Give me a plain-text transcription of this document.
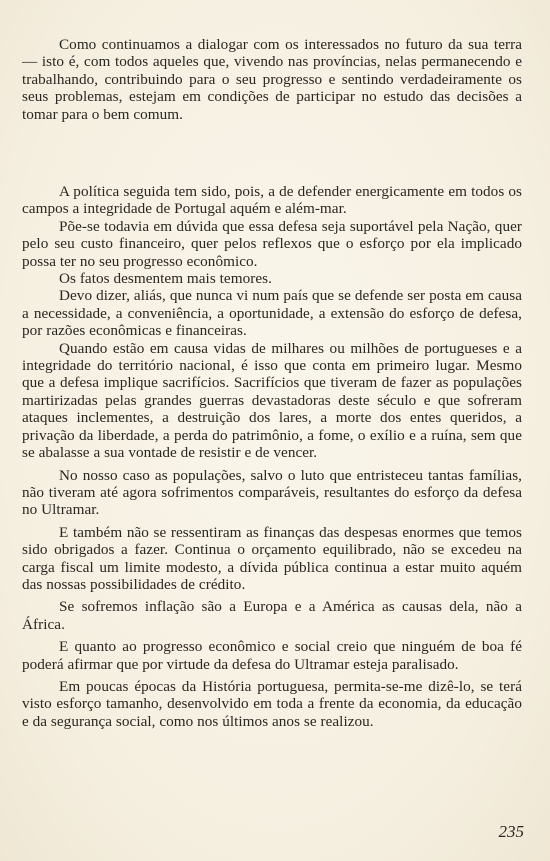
Como continuamos a dialogar com os interessados no futuro da sua terra — isto é, com todos aqueles que, vivendo nas províncias, nelas permanecendo e trabalhando, contribuindo para o seu progresso e sentindo verdadeiramente os seus problemas, estejam em condições de participar no estudo das decisões a tomar para o bem comum.

A política seguida tem sido, pois, a de defender energicamente em todos os campos a integridade de Portugal aquém e além-mar.

Põe-se todavia em dúvida que essa defesa seja suportável pela Nação, quer pelo seu custo financeiro, quer pelos reflexos que o esforço por ela implicado possa ter no seu progresso econômico.

Os fatos desmentem mais temores.

Devo dizer, aliás, que nunca vi num país que se defende ser posta em causa a necessidade, a conveniência, a oportunidade, a extensão do esforço de defesa, por razões econômicas e financeiras.

Quando estão em causa vidas de milhares ou milhões de portugueses e a integridade do território nacional, é isso que conta em primeiro lugar. Mesmo que a defesa implique sacrifícios. Sacrifícios que tiveram de fazer as populações martirizadas pelas grandes guerras devastadoras deste século e que sofreram ataques inclementes, a destruição dos lares, a morte dos entes queridos, a privação da liberdade, a perda do patrimônio, a fome, o exílio e a ruína, sem que se abalasse a sua vontade de resistir e de vencer.

No nosso caso as populações, salvo o luto que entristeceu tantas famílias, não tiveram até agora sofrimentos comparáveis, resultantes do esforço da defesa no Ultramar.

E também não se ressentiram as finanças das despesas enormes que temos sido obrigados a fazer. Continua o orçamento equilibrado, não se excedeu na carga fiscal um limite modesto, a dívida pública continua a estar muito aquém das nossas possibilidades de crédito.

Se sofremos inflação são a Europa e a América as causas dela, não a África.

E quanto ao progresso econômico e social creio que ninguém de boa fé poderá afirmar que por virtude da defesa do Ultramar esteja paralisado.

Em poucas épocas da História portuguesa, permita-se-me dizê-lo, se terá visto esforço tamanho, desenvolvido em toda a frente da economia, da educação e da segurança social, como nos últimos anos se realizou.

235
